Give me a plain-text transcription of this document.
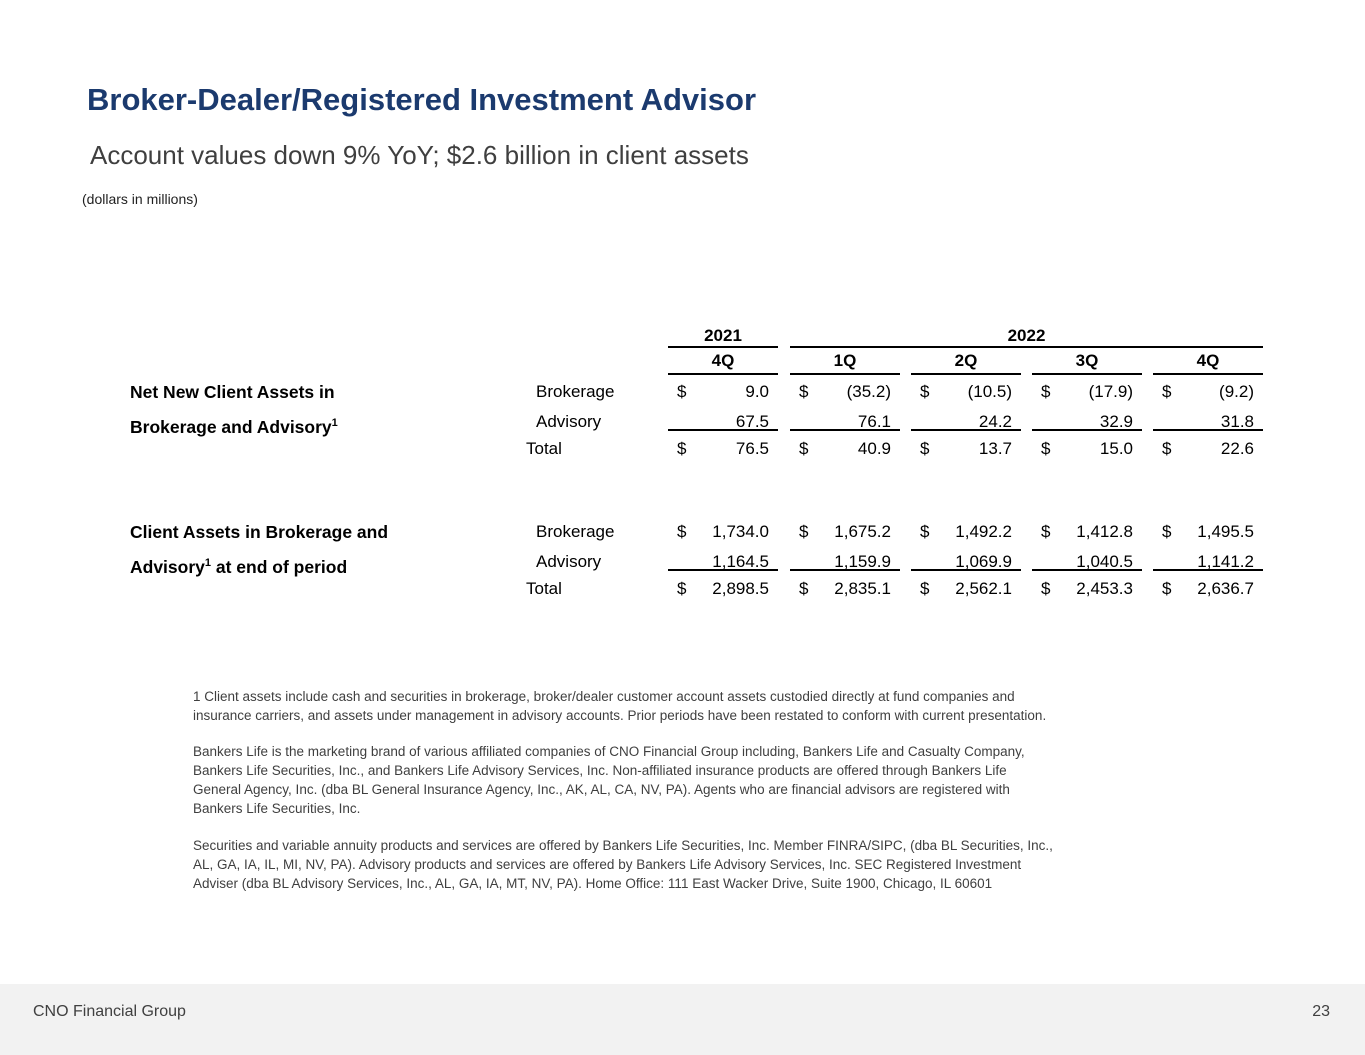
Broker-Dealer/Registered Investment Advisor
Account values down 9% YoY; $2.6 billion in client assets
(dollars in millions)
2021	2022
4Q	1Q	2Q	3Q	4Q
Net New Client Assets in
Brokerage and Advisory$^1$
Brokerage	$	9.0 $ (35.2) $ (10.5) $ (17.9) $	(9.2)
Advisory	67.5	76.1	24.2	32.9	31.8
Total	$	76.5 $	40.9 $	13.7 $	15.0 $	22.6
Client Assets in Brokerage and
Advisory$^1$ at end of period
Brokerage	$ 1,734.0 $ 1,675.2 $ 1,492.2 $ 1,412.8 $ 1,495.5
Advisory	1,164.5	1,159.9	1,069.9	1,040.5	1,141.2
Total	$ 2,898.5 $ 2,835.1 $ 2,562.1 $ 2,453.3 $ 2,636.7
1 Client assets include cash and securities in brokerage, broker/dealer customer account assets custodied directly at fund companies and
insurance carriers, and assets under management in advisory accounts. Prior periods have been restated to conform with current presentation.
Bankers Life is the marketing brand of various affiliated companies of CNO Financial Group including, Bankers Life and Casualty Company,
Bankers Life Securities, Inc., and Bankers Life Advisory Services, Inc. Non-affiliated insurance products are offered through Bankers Life
General Agency, Inc. (dba BL General Insurance Agency, Inc., AK, AL, CA, NV, PA). Agents who are financial advisors are registered with
Bankers Life Securities, Inc.
Securities and variable annuity products and services are offered by Bankers Life Securities, Inc. Member FINRA/SIPC, (dba BL Securities, Inc.,
AL, GA, IA, IL, MI, NV, PA). Advisory products and services are offered by Bankers Life Advisory Services, Inc. SEC Registered Investment
Adviser (dba BL Advisory Services, Inc., AL, GA, IA, MT, NV, PA). Home Office: 111 East Wacker Drive, Suite 1900, Chicago, IL 60601
CNO Financial Group	23
